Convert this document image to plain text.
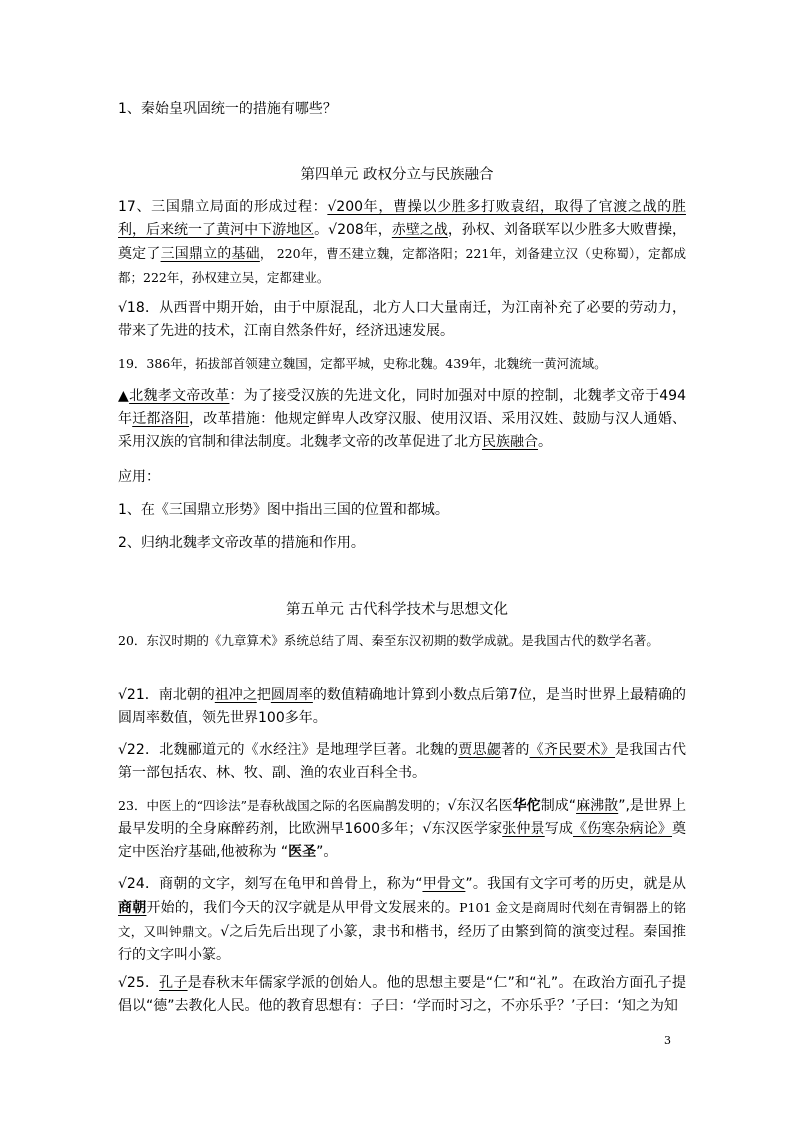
1、秦始皇巩固统一的措施有哪些？
第四单元 政权分立与民族融合
17、三国鼎立局面的形成过程：√200年，曹操以少胜多打败袁绍，取得了官渡之战的胜利，后来统一了黄河中下游地区。√208年，赤壁之战，孙权、刘备联军以少胜多大败曹操，奠定了三国鼎立的基础， 220年，曹丕建立魏，定都洛阳；221年，刘备建立汉（史称蜀），定都成都；222年，孙权建立吴，定都建业。
√18．从西晋中期开始，由于中原混乱，北方人口大量南迁，为江南补充了必要的劳动力，带来了先进的技术，江南自然条件好，经济迅速发展。
19．386年，拓拔部首领建立魏国，定都平城，史称北魏。439年，北魏统一黄河流域。
▲北魏孝文帝改革：为了接受汉族的先进文化，同时加强对中原的控制，北魏孝文帝于494年迁都洛阳，改革措施：他规定鲜卑人改穿汉服、使用汉语、采用汉姓、鼓励与汉人通婚、采用汉族的官制和律法制度。北魏孝文帝的改革促进了北方民族融合。
应用：
1、在《三国鼎立形势》图中指出三国的位置和都城。
2、归纳北魏孝文帝改革的措施和作用。
第五单元 古代科学技术与思想文化
20．东汉时期的《九章算术》系统总结了周、秦至东汉初期的数学成就。是我国古代的数学名著。
√21．南北朝的祖冲之把圆周率的数值精确地计算到小数点后第7位，是当时世界上最精确的圆周率数值，领先世界100多年。
√22．北魏郦道元的《水经注》是地理学巨著。北魏的贾思勰著的《齐民要术》是我国古代第一部包括农、林、牧、副、渔的农业百科全书。
23．中医上的“四诊法”是春秋战国之际的名医扁鹊发明的；√东汉名医华佗制成“麻沸散”,是世界上最早发明的全身麻醉药剂，比欧洲早1600多年；√东汉医学家张仲景写成《伤寒杂病论》奠定中医治疗基础,他被称为 “医圣”。
√24．商朝的文字，刻写在龟甲和兽骨上，称为“甲骨文”。我国有文字可考的历史，就是从商朝开始的，我们今天的汉字就是从甲骨文发展来的。P101 金文是商周时代刻在青铜器上的铭文，又叫钟鼎文。√之后先后出现了小篆，隶书和楷书，经历了由繁到简的演变过程。秦国推行的文字叫小篆。
√25．孔子是春秋末年儒家学派的创始人。他的思想主要是“仁”和“礼”。在政治方面孔子提倡以“德”去教化人民。他的教育思想有：子曰：‘学而时习之，不亦乐乎？’子曰：‘知之为知
3
